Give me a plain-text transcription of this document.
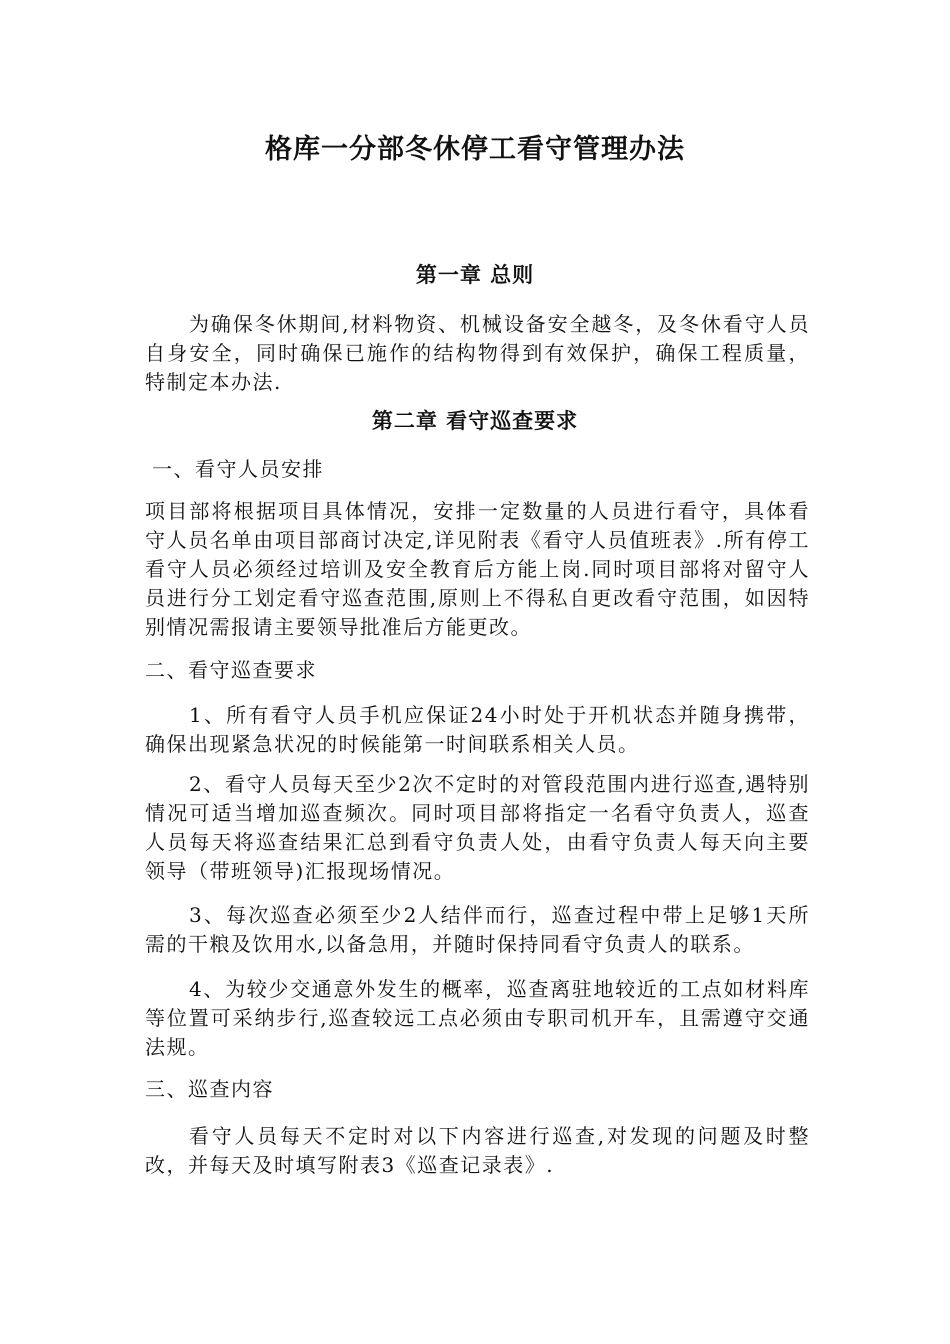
格库一分部冬休停工看守管理办法
第一章 总则

为确保冬休期间,材料物资、机械设备安全越冬，及冬休看守人员自身安全，同时确保已施作的结构物得到有效保护，确保工程质量，特制定本办法.

第二章 看守巡查要求

一、看守人员安排

项目部将根据项目具体情况，安排一定数量的人员进行看守，具体看守人员名单由项目部商讨决定,详见附表《看守人员值班表》.所有停工看守人员必须经过培训及安全教育后方能上岗.同时项目部将对留守人员进行分工划定看守巡查范围,原则上不得私自更改看守范围，如因特别情况需报请主要领导批准后方能更改。

二、看守巡查要求

1、所有看守人员手机应保证24小时处于开机状态并随身携带，确保出现紧急状况的时候能第一时间联系相关人员。

2、看守人员每天至少2次不定时的对管段范围内进行巡查,遇特别情况可适当增加巡查频次。同时项目部将指定一名看守负责人，巡查人员每天将巡查结果汇总到看守负责人处，由看守负责人每天向主要领导（带班领导)汇报现场情况。

3、每次巡查必须至少2人结伴而行，巡查过程中带上足够1天所需的干粮及饮用水,以备急用，并随时保持同看守负责人的联系。

4、为较少交通意外发生的概率，巡查离驻地较近的工点如材料库等位置可采纳步行,巡查较远工点必须由专职司机开车，且需遵守交通法规。

三、巡查内容

看守人员每天不定时对以下内容进行巡查,对发现的问题及时整改，并每天及时填写附表3《巡查记录表》.
